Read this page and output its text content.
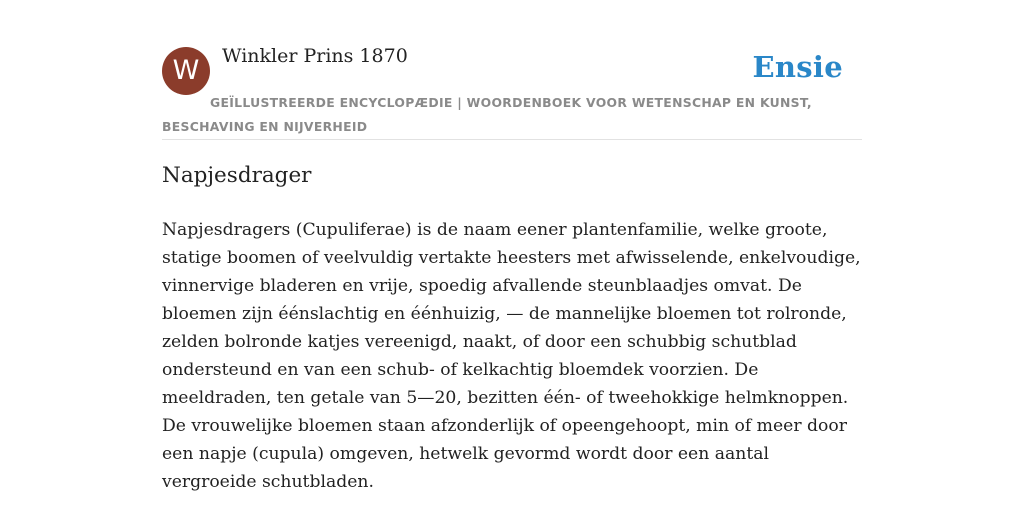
W	Winkler Prins 1870	Ensie
GEÏLLUSTREERDE ENCYCLOPÆDIE | WOORDENBOEK VOOR WETENSCHAP EN KUNST, BESCHAVING EN NIJVERHEID
Napjesdrager

Napjesdragers (Cupuliferae) is de naam eener plantenfamilie, welke groote, statige boomen of veelvuldig vertakte heesters met afwisselende, enkelvoudige, vinnervige bladeren en vrije, spoedig afvallende steunblaadjes omvat. De bloemen zijn éénslachtig en éénhuizig, — de mannelijke bloemen tot rolronde, zelden bolronde katjes vereenigd, naakt, of door een schubbig schutblad ondersteund en van een schub- of kelkachtig bloemdek voorzien. De meeldraden, ten getale van 5—20, bezitten één- of tweehokkige helmknoppen. De vrouwelijke bloemen staan afzonderlijk of opeengehoopt, min of meer door een napje (cupula) omgeven, hetwelk gevormd wordt door een aantal vergroeide schutbladen.
